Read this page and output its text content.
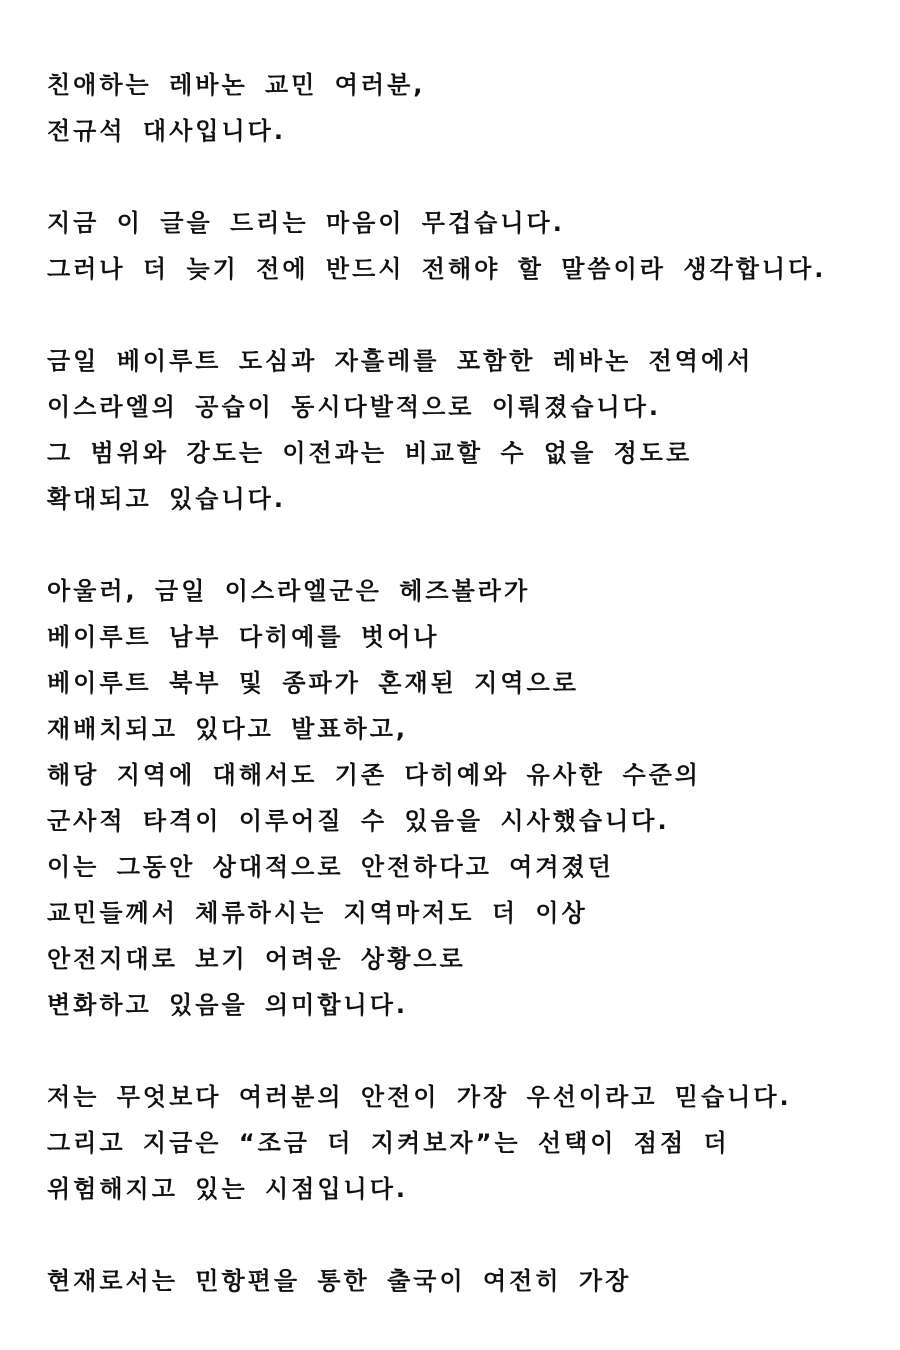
친애하는 레바논 교민 여러분,
전규석 대사입니다.
지금 이 글을 드리는 마음이 무겁습니다.
그러나 더 늦기 전에 반드시 전해야 할 말씀이라 생각합니다.
금일 베이루트 도심과 자흘레를 포함한 레바논 전역에서
이스라엘의 공습이 동시다발적으로 이뤄졌습니다.
그 범위와 강도는 이전과는 비교할 수 없을 정도로
확대되고 있습니다.
아울러, 금일 이스라엘군은 헤즈볼라가
베이루트 남부 다히예를 벗어나
베이루트 북부 및 종파가 혼재된 지역으로
재배치되고 있다고 발표하고,
해당 지역에 대해서도 기존 다히예와 유사한 수준의
군사적 타격이 이루어질 수 있음을 시사했습니다.
이는 그동안 상대적으로 안전하다고 여겨졌던
교민들께서 체류하시는 지역마저도 더 이상
안전지대로 보기 어려운 상황으로
변화하고 있음을 의미합니다.
저는 무엇보다 여러분의 안전이 가장 우선이라고 믿습니다.
그리고 지금은 “조금 더 지켜보자”는 선택이 점점 더
위험해지고 있는 시점입니다.
현재로서는 민항편을 통한 출국이 여전히 가장
